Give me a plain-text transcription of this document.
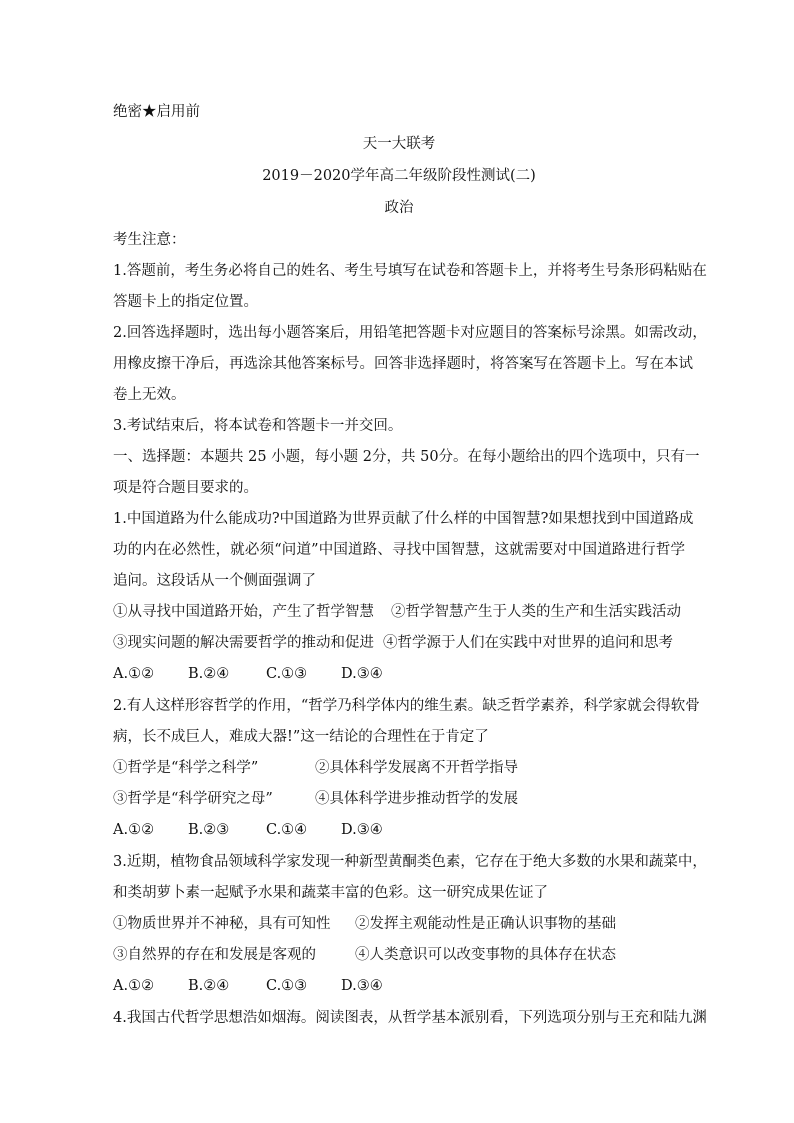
绝密★启用前
天一大联考
2019－2020学年高二年级阶段性测试(二)
政治
考生注意：
1.答题前，考生务必将自己的姓名、考生号填写在试卷和答题卡上，并将考生号条形码粘贴在
答题卡上的指定位置。
2.回答选择题时，选出每小题答案后，用铅笔把答题卡对应题目的答案标号涂黑。如需改动，
用橡皮擦干净后，再选涂其他答案标号。回答非选择题时，将答案写在答题卡上。写在本试
卷上无效。
3.考试结束后，将本试卷和答题卡一并交回。
一、选择题：本题共 25 小题，每小题 2分，共 50分。在每小题给出的四个选项中，只有一
项是符合题目要求的。
1.中国道路为什么能成功?中国道路为世界贡献了什么样的中国智慧?如果想找到中国道路成
功的内在必然性，就必须“问道”中国道路、寻找中国智慧，这就需要对中国道路进行哲学
追问。这段话从一个侧面强调了
①从寻找中国道路开始，产生了哲学智慧 ②哲学智慧产生于人类的生产和生活实践活动
③现实问题的解决需要哲学的推动和促进 ④哲学源于人们在实践中对世界的追问和思考
A.①② B.②④	C.①③ D.③④
2.有人这样形容哲学的作用，“哲学乃科学体内的维生素。缺乏哲学素养，科学家就会得软骨
病，长不成巨人，难成大器!”这一结论的合理性在于肯定了
①哲学是“科学之科学”	②具体科学发展离不开哲学指导
③哲学是“科学研究之母”	④具体科学进步推动哲学的发展
A.①② B.②③	C.①④ D.③④
3.近期，植物食品领域科学家发现一种新型黄酮类色素，它存在于绝大多数的水果和蔬菜中，
和类胡萝卜素一起赋予水果和蔬菜丰富的色彩。这一研究成果佐证了
①物质世界并不神秘，具有可知性 ②发挥主观能动性是正确认识事物的基础
③自然界的存在和发展是客观的	④人类意识可以改变事物的具体存在状态
A.①② B.②④	C.①③ D.③④
4.我国古代哲学思想浩如烟海。阅读图表，从哲学基本派别看，下列选项分别与王充和陆九渊
